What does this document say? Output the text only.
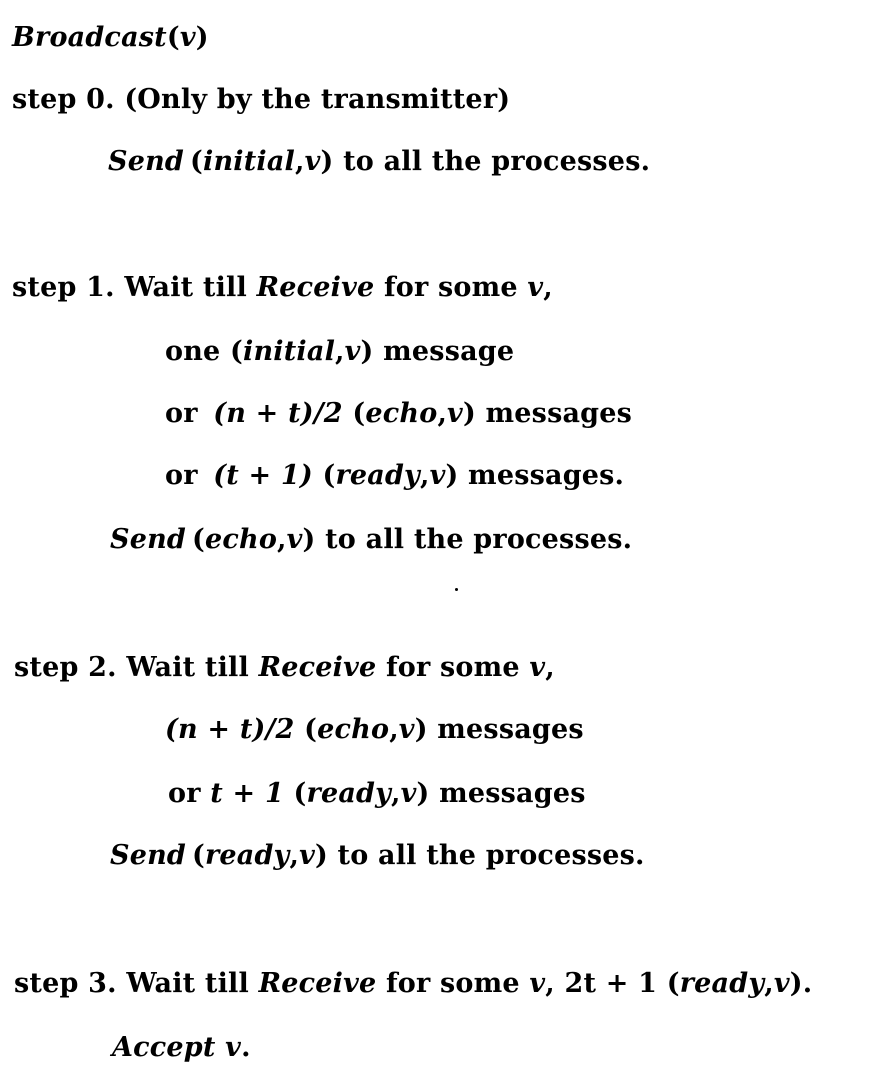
Broadcast(v)
step 0. (Only by the transmitter)
Send (initial,v) to all the processes.
step 1. Wait till Receive for some v,
one (initial,v) message
or (n + t)/2 (echo,v) messages
or (t + 1) (ready,v) messages.
Send (echo,v) to all the processes.
step 2. Wait till Receive for some v,
(n + t)/2 (echo,v) messages
or t + 1 (ready,v) messages
Send (ready,v) to all the processes.
step 3. Wait till Receive for some v, 2t + 1 (ready,v).
Accept v.
